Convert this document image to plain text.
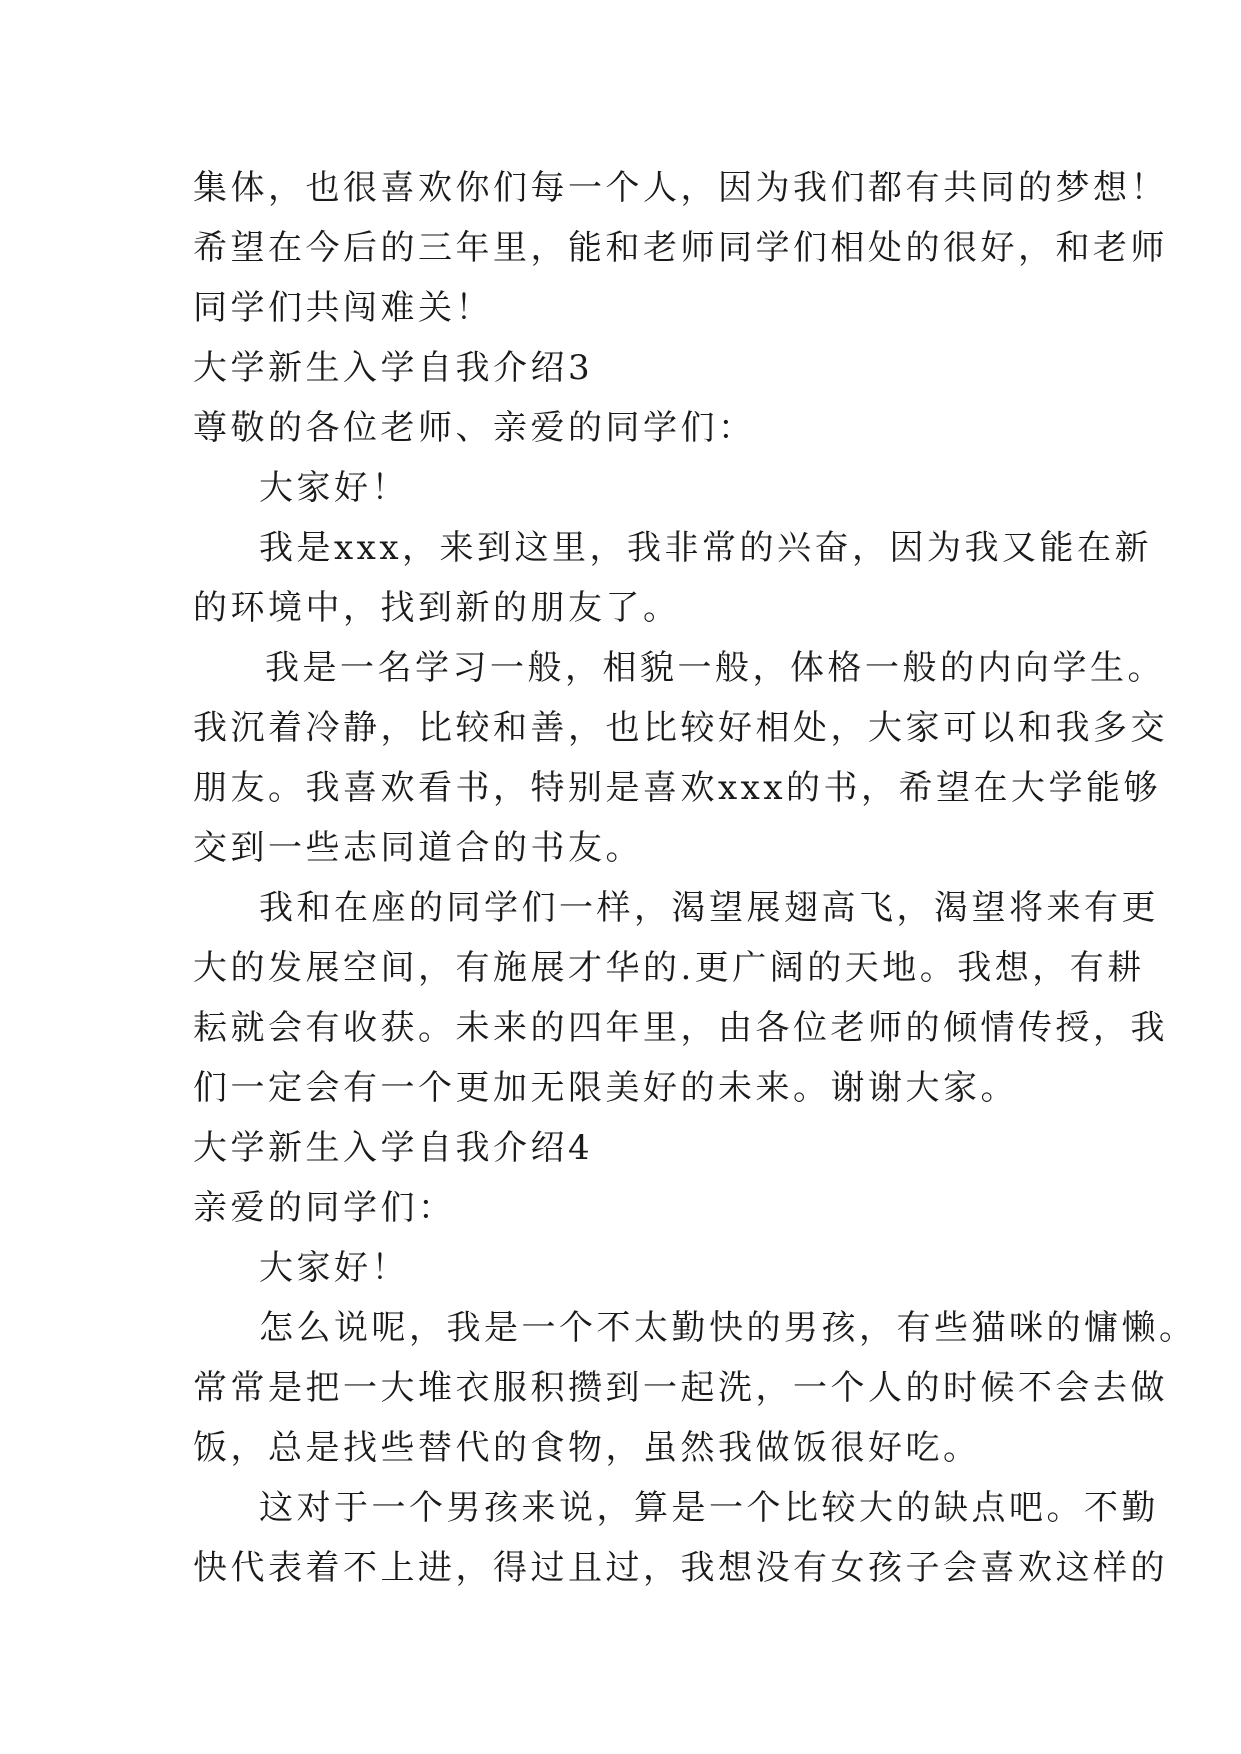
集体，也很喜欢你们每一个人，因为我们都有共同的梦想！
希望在今后的三年里，能和老师同学们相处的很好，和老师
同学们共闯难关！
大学新生入学自我介绍3
尊敬的各位老师、亲爱的同学们：
大家好！
我是xxx，来到这里，我非常的兴奋，因为我又能在新
的环境中，找到新的朋友了。
我是一名学习一般，相貌一般，体格一般的内向学生。
我沉着冷静，比较和善，也比较好相处，大家可以和我多交
朋友。我喜欢看书，特别是喜欢xxx的书，希望在大学能够
交到一些志同道合的书友。
我和在座的同学们一样，渴望展翅高飞，渴望将来有更
大的发展空间，有施展才华的.更广阔的天地。我想，有耕
耘就会有收获。未来的四年里，由各位老师的倾情传授，我
们一定会有一个更加无限美好的未来。谢谢大家。
大学新生入学自我介绍4
亲爱的同学们：
大家好！
怎么说呢，我是一个不太勤快的男孩，有些猫咪的慵懒。
常常是把一大堆衣服积攒到一起洗，一个人的时候不会去做
饭，总是找些替代的食物，虽然我做饭很好吃。
这对于一个男孩来说，算是一个比较大的缺点吧。不勤
快代表着不上进，得过且过，我想没有女孩子会喜欢这样的
